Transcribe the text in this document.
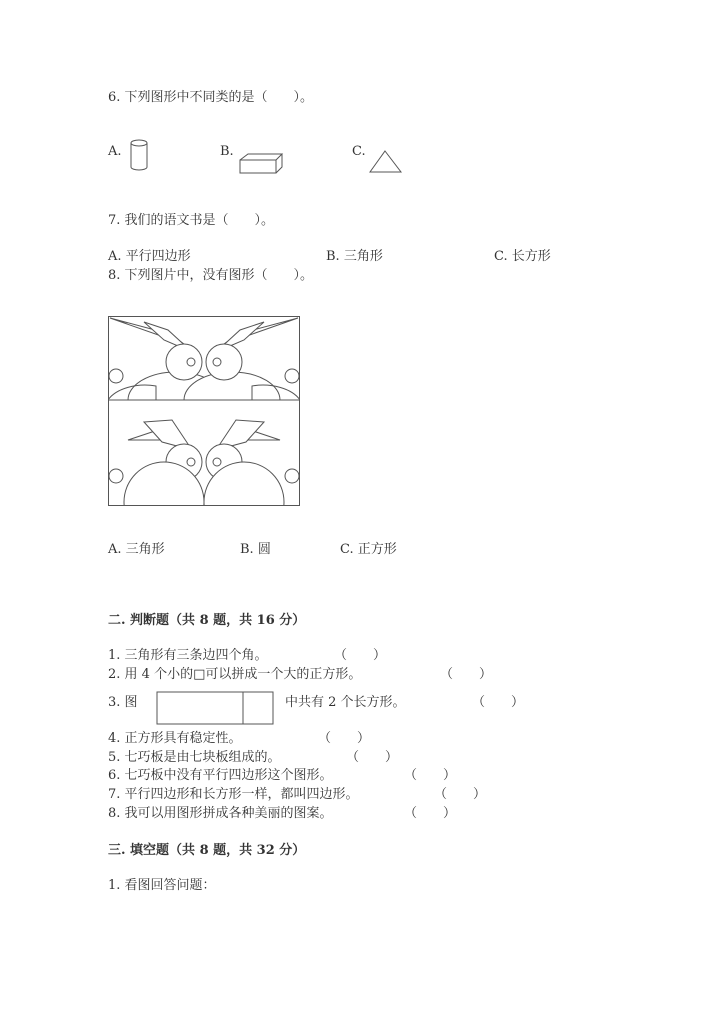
6. 下列图形中不同类的是（　　）。
A.	B.	C.
7. 我们的语文书是（　　）。
A. 平行四边形	B. 三角形	C. 长方形
8. 下列图片中，没有图形（　　）。
A. 三角形	B. 圆	C. 正方形
二. 判断题（共 8 题，共 16 分）
1. 三角形有三条边四个角。	（　　）
2. 用 4 个小的□可以拼成一个大的正方形。	（　　）
3. 图	中共有 2 个长方形。	（　　）
4. 正方形具有稳定性。	（　　）
5. 七巧板是由七块板组成的。	（　　）
6. 七巧板中没有平行四边形这个图形。	（　　）
7. 平行四边形和长方形一样，都叫四边形。	（　　）
8. 我可以用图形拼成各种美丽的图案。	（　　）
三. 填空题（共 8 题，共 32 分）
1. 看图回答问题：
